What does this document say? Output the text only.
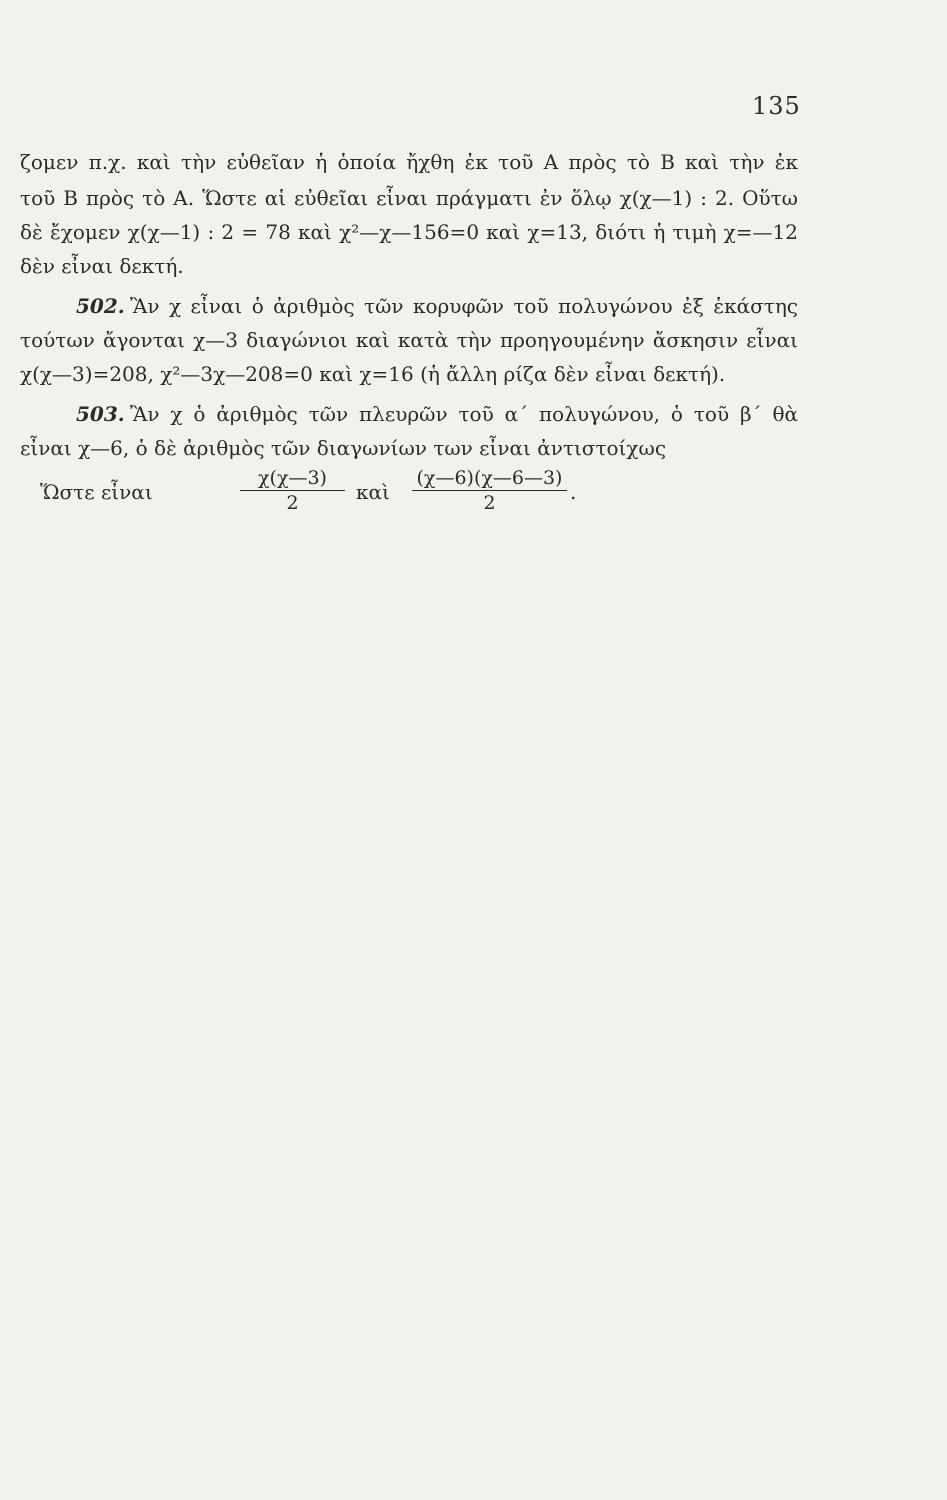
135
ζομεν π.χ. καὶ τὴν εὐθεῖαν ἡ ὁποία ἤχθη ἐκ τοῦ Α πρὸς τὸ Β καὶ τὴν ἐκ
τοῦ Β πρὸς τὸ Α. Ὥστε αἱ εὐθεῖαι εἶναι πράγματι ἐν ὅλῳ χ(χ—1) : 2. Οὕτω
δὲ ἔχομεν χ(χ—1) : 2 = 78 καὶ χ²—χ—156=0 καὶ χ=13, διότι ἡ τιμὴ χ=—12
δὲν εἶναι δεκτή.
502. Ἂν χ εἶναι ὁ ἀριθμὸς τῶν κορυφῶν τοῦ πολυγώνου ἐξ ἑκάστης
τούτων ἄγονται χ—3 διαγώνιοι καὶ κατὰ τὴν προηγουμένην ἄσκησιν εἶναι
χ(χ—3)=208, χ²—3χ—208=0 καὶ χ=16 (ἡ ἄλλη ρίζα δὲν εἶναι δεκτή).
503. Ἂν χ ὁ ἀριθμὸς τῶν πλευρῶν τοῦ α΄ πολυγώνου, ὁ τοῦ β΄ θὰ
εἶναι χ—6, ὁ δὲ ἀριθμὸς τῶν διαγωνίων των εἶναι ἀντιστοίχως
χ(χ—3)
2	καὶ
(χ—6)(χ—6—3)
2	.
Ὥστε εἶναι
